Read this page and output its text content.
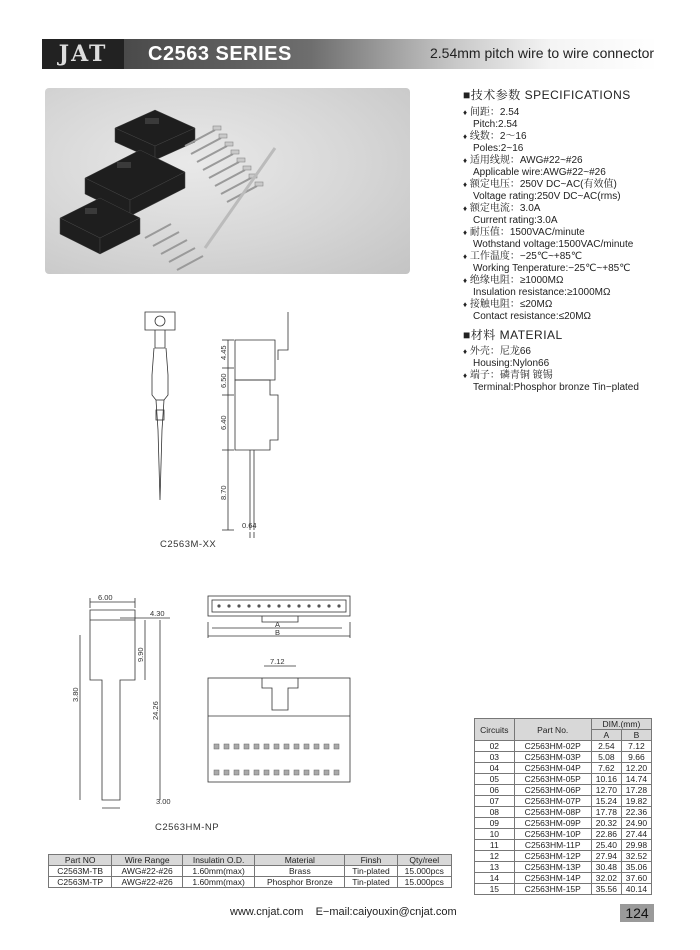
JAT	C2563 SERIES	2.54mm pitch wire to wire connector
■技术参数 SPECIFICATIONS
♦ 间距：2.54
Pitch:2.54
♦ 线数：2～16
Poles:2~16
♦ 适用线规：AWG#22~#26
Applicable wire:AWG#22~#26
♦ 额定电压：250V DC~AC(有效值)
Voltage rating:250V DC~AC(rms)
♦ 额定电流：3.0A
Current rating:3.0A
♦ 耐压值：1500VAC/minute
Wothstand voltage:1500VAC/minute
♦ 工作温度：−25℃~+85℃
Working Tenperature:−25℃~+85℃
♦ 绝缘电阻：≥1000MΩ
Insulation resistance:≥1000MΩ
♦ 接触电阻：≤20MΩ
Contact resistance:≤20MΩ
■材料 MATERIAL
♦ 外壳：尼龙66
Housing:Nylon66
♦ 端子：磷青铜 镀锡
Terminal:Phosphor bronze Tin−plated
4.45
6.50
6.40
8.70
0.64
C2563M-XX
6.00
4.30
9.90
3.80
24.26
3.00
C2563HM-NP
A
B
7.12
Circuits	Part No.	DIM.(mm)	
		A	B
02	C2563HM-02P	2.54	7.12
03	C2563HM-03P	5.08	9.66
04	C2563HM-04P	7.62	12.20
05	C2563HM-05P	10.16	14.74
06	C2563HM-06P	12.70	17.28
07	C2563HM-07P	15.24	19.82
08	C2563HM-08P	17.78	22.36
09	C2563HM-09P	20.32	24.90
10	C2563HM-10P	22.86	27.44
11	C2563HM-11P	25.40	29.98
12	C2563HM-12P	27.94	32.52
13	C2563HM-13P	30.48	35.06
14	C2563HM-14P	32.02	37.60
15	C2563HM-15P	35.56	40.14
Part NO	Wire Range	Insulatin O.D.	Material	Finsh	Qty/reel
C2563M-TB	AWG#22-#26	1.60mm(max)	Brass	Tin-plated	15.000pcs
C2563M-TP	AWG#22-#26	1.60mm(max)	Phosphor Bronze	Tin-plated	15.000pcs
www.cnjat.com E−mail:caiyouxin@cnjat.com	124
